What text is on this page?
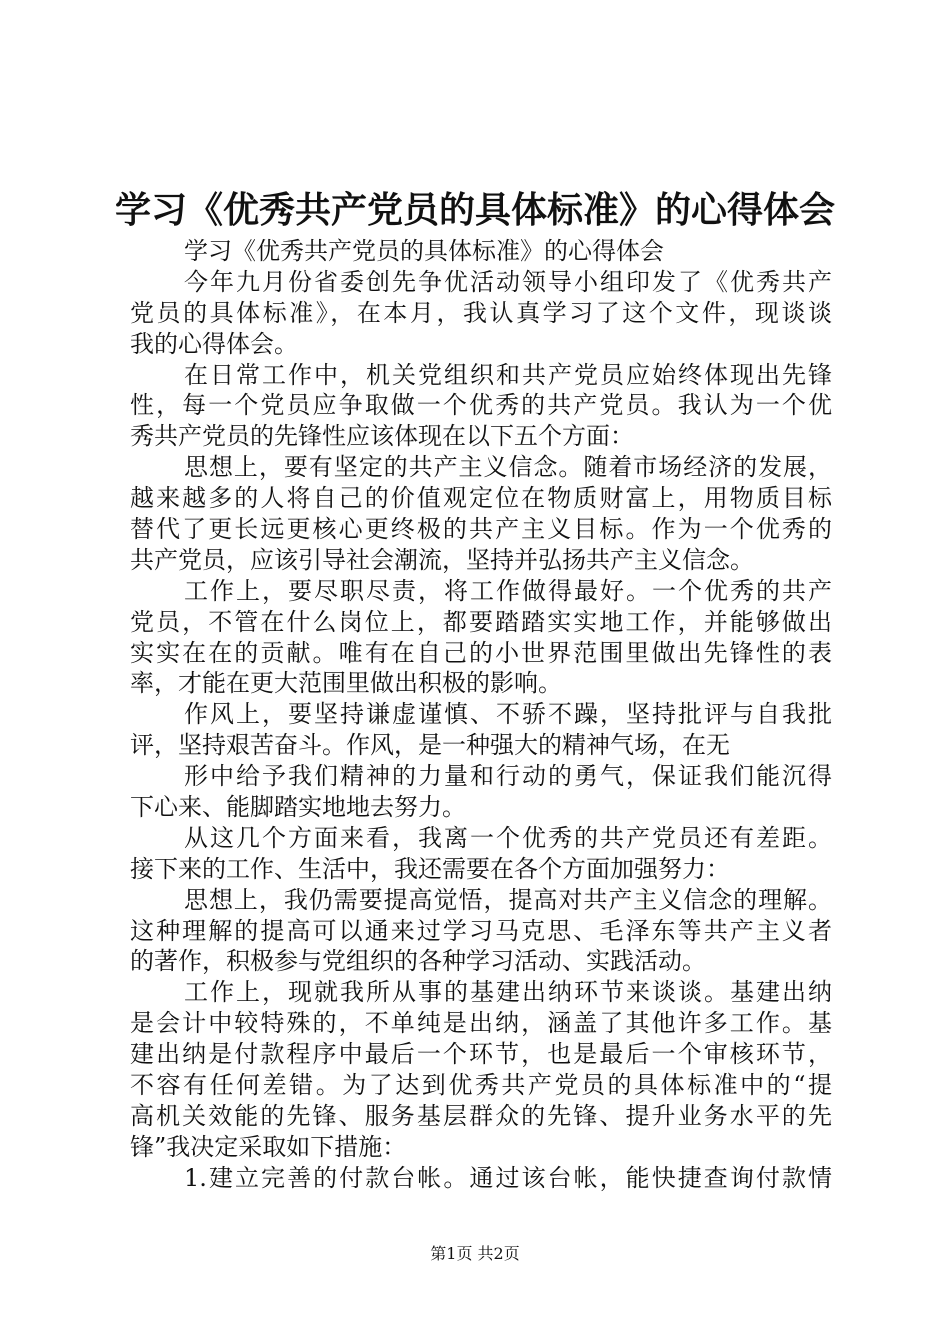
学习《优秀共产党员的具体标准》的心得体会
学习《优秀共产党员的具体标准》的心得体会
今年九月份省委创先争优活动领导小组印发了《优秀共产
党员的具体标准》，在本月，我认真学习了这个文件，现谈谈
我的心得体会。
在日常工作中，机关党组织和共产党员应始终体现出先锋
性，每一个党员应争取做一个优秀的共产党员。我认为一个优
秀共产党员的先锋性应该体现在以下五个方面：
思想上，要有坚定的共产主义信念。随着市场经济的发展，
越来越多的人将自己的价值观定位在物质财富上，用物质目标
替代了更长远更核心更终极的共产主义目标。作为一个优秀的
共产党员，应该引导社会潮流，坚持并弘扬共产主义信念。
工作上，要尽职尽责，将工作做得最好。一个优秀的共产
党员，不管在什么岗位上，都要踏踏实实地工作，并能够做出
实实在在的贡献。唯有在自己的小世界范围里做出先锋性的表
率，才能在更大范围里做出积极的影响。
作风上，要坚持谦虚谨慎、不骄不躁，坚持批评与自我批
评，坚持艰苦奋斗。作风，是一种强大的精神气场，在无
形中给予我们精神的力量和行动的勇气，保证我们能沉得
下心来、能脚踏实地地去努力。
从这几个方面来看，我离一个优秀的共产党员还有差距。
接下来的工作、生活中，我还需要在各个方面加强努力：
思想上，我仍需要提高觉悟，提高对共产主义信念的理解。
这种理解的提高可以通来过学习马克思、毛泽东等共产主义者
的著作，积极参与党组织的各种学习活动、实践活动。
工作上，现就我所从事的基建出纳环节来谈谈。基建出纳
是会计中较特殊的，不单纯是出纳，涵盖了其他许多工作。基
建出纳是付款程序中最后一个环节，也是最后一个审核环节，
不容有任何差错。为了达到优秀共产党员的具体标准中的“提
高机关效能的先锋、服务基层群众的先锋、提升业务水平的先
锋”我决定采取如下措施：
1.建立完善的付款台帐。通过该台帐，能快捷查询付款情
第1页 共2页
